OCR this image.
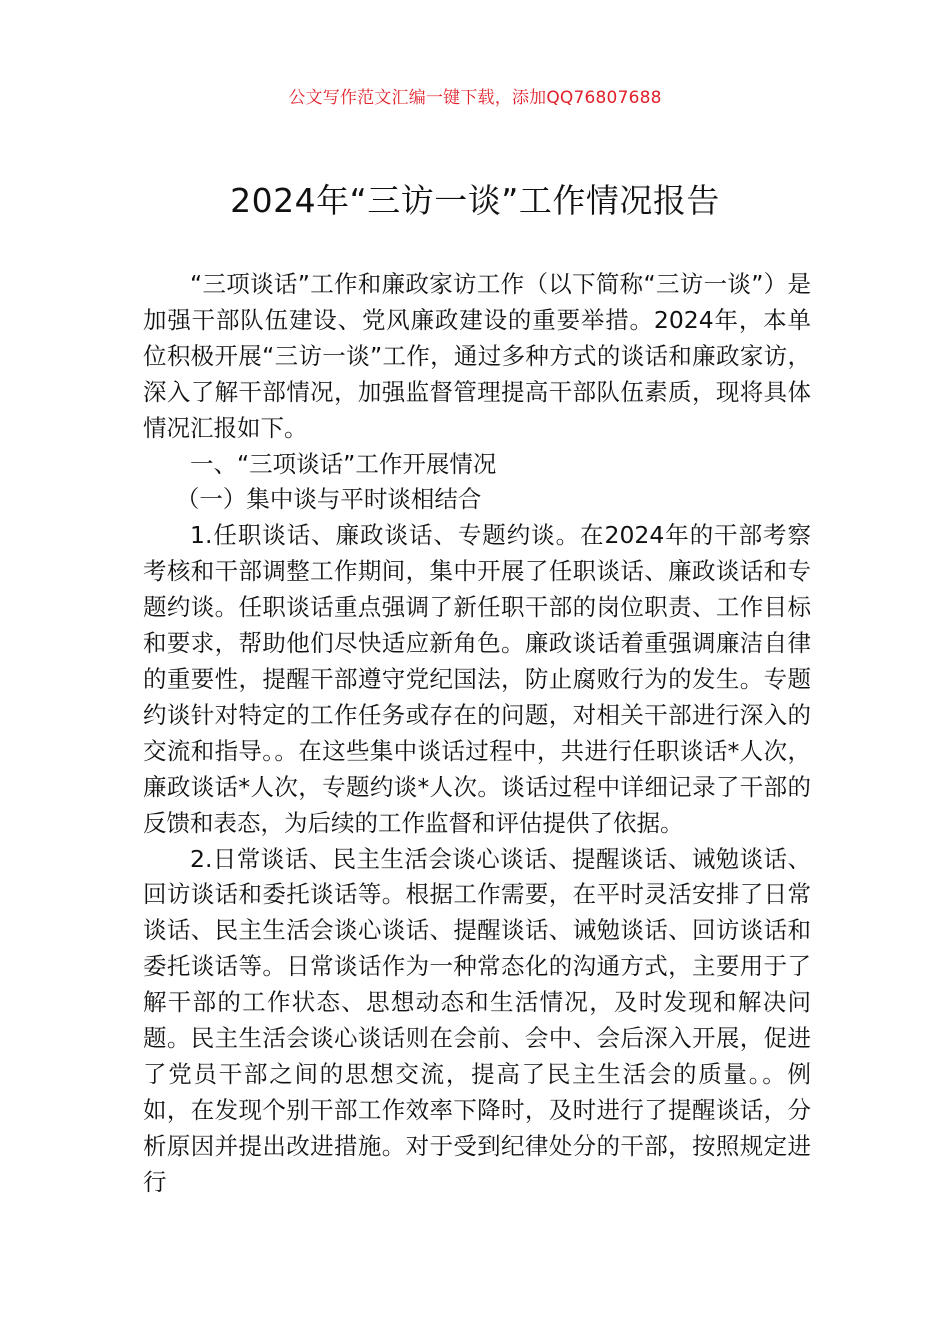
公文写作范文汇编一键下载，添加QQ76807688
2024年“三访一谈”工作情况报告

“三项谈话”工作和廉政家访工作（以下简称“三访一谈”）是加强干部队伍建设、党风廉政建设的重要举措。2024年，本单位积极开展“三访一谈”工作，通过多种方式的谈话和廉政家访，深入了解干部情况，加强监督管理提高干部队伍素质，现将具体情况汇报如下。

一、“三项谈话”工作开展情况

（一）集中谈与平时谈相结合

1.任职谈话、廉政谈话、专题约谈。在2024年的干部考察考核和干部调整工作期间，集中开展了任职谈话、廉政谈话和专题约谈。任职谈话重点强调了新任职干部的岗位职责、工作目标和要求，帮助他们尽快适应新角色。廉政谈话着重强调廉洁自律的重要性，提醒干部遵守党纪国法，防止腐败行为的发生。专题约谈针对特定的工作任务或存在的问题，对相关干部进行深入的交流和指导。。在这些集中谈话过程中，共进行任职谈话*人次，廉政谈话*人次，专题约谈*人次。谈话过程中详细记录了干部的反馈和表态，为后续的工作监督和评估提供了依据。

2.日常谈话、民主生活会谈心谈话、提醒谈话、诫勉谈话、回访谈话和委托谈话等。根据工作需要，在平时灵活安排了日常谈话、民主生活会谈心谈话、提醒谈话、诫勉谈话、回访谈话和委托谈话等。日常谈话作为一种常态化的沟通方式，主要用于了解干部的工作状态、思想动态和生活情况，及时发现和解决问题。民主生活会谈心谈话则在会前、会中、会后深入开展，促进了党员干部之间的思想交流，提高了民主生活会的质量。。例如，在发现个别干部工作效率下降时，及时进行了提醒谈话，分析原因并提出改进措施。对于受到纪律处分的干部，按照规定进行
